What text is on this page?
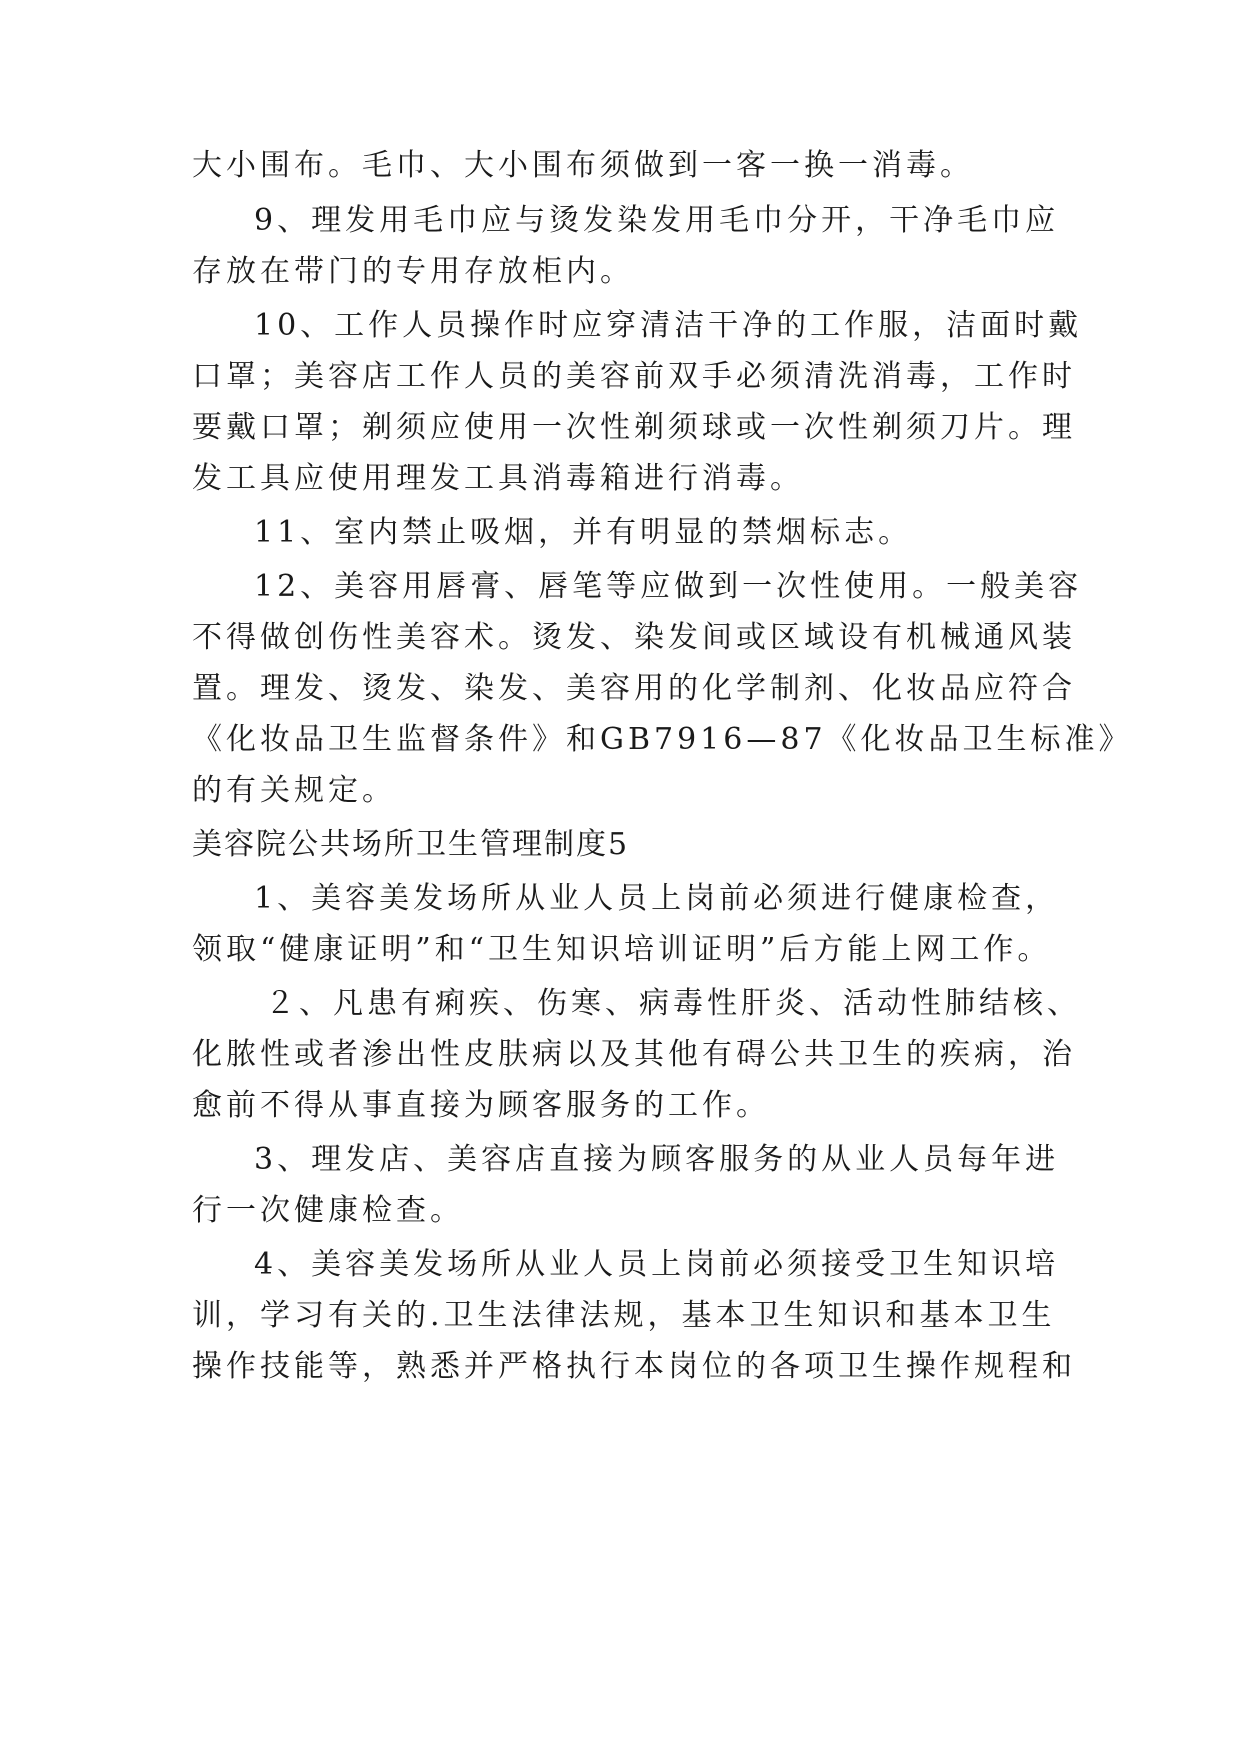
大小围布。毛巾、大小围布须做到一客一换一消毒。
9、理发用毛巾应与烫发染发用毛巾分开，干净毛巾应
存放在带门的专用存放柜内。
10、工作人员操作时应穿清洁干净的工作服，洁面时戴
口罩；美容店工作人员的美容前双手必须清洗消毒，工作时
要戴口罩；剃须应使用一次性剃须球或一次性剃须刀片。理
发工具应使用理发工具消毒箱进行消毒。
11、室内禁止吸烟，并有明显的禁烟标志。
12、美容用唇膏、唇笔等应做到一次性使用。一般美容
不得做创伤性美容术。烫发、染发间或区域设有机械通风装
置。理发、烫发、染发、美容用的化学制剂、化妆品应符合
《化妆品卫生监督条件》和GB7916—87《化妆品卫生标准》
的有关规定。
美容院公共场所卫生管理制度5
1、美容美发场所从业人员上岗前必须进行健康检查，
领取“健康证明”和“卫生知识培训证明”后方能上网工作。
２、凡患有痢疾、伤寒、病毒性肝炎、活动性肺结核、
化脓性或者渗出性皮肤病以及其他有碍公共卫生的疾病，治
愈前不得从事直接为顾客服务的工作。
3、理发店、美容店直接为顾客服务的从业人员每年进
行一次健康检查。
4、美容美发场所从业人员上岗前必须接受卫生知识培
训，学习有关的.卫生法律法规，基本卫生知识和基本卫生
操作技能等，熟悉并严格执行本岗位的各项卫生操作规程和
